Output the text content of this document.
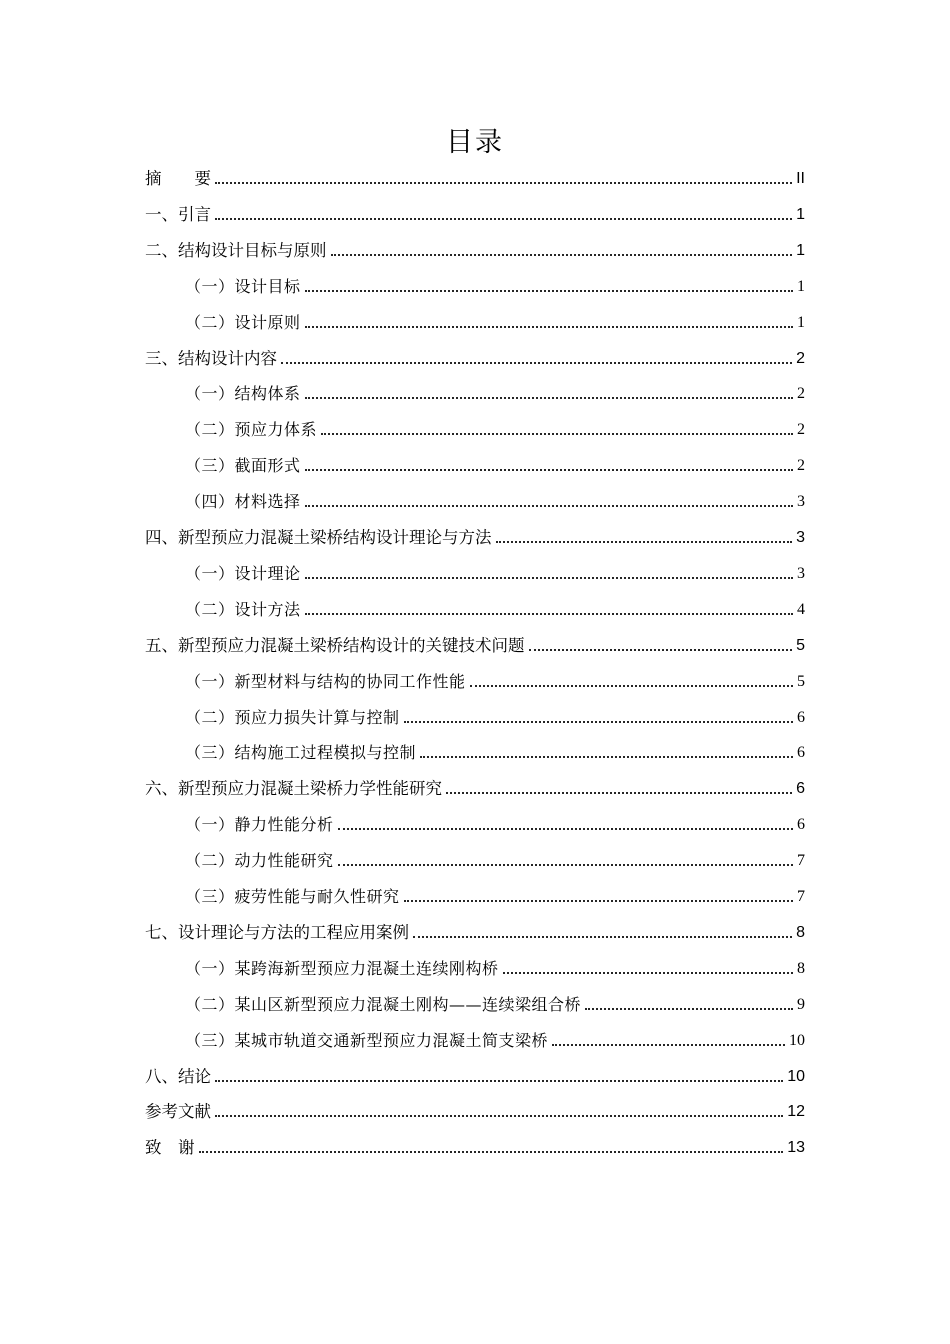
目录
摘　　要	II
一、引言	1
二、结构设计目标与原则	1
（一）设计目标	1
（二）设计原则	1
三、结构设计内容	2
（一）结构体系	2
（二）预应力体系	2
（三）截面形式	2
（四）材料选择	3
四、新型预应力混凝土梁桥结构设计理论与方法	3
（一）设计理论	3
（二）设计方法	4
五、新型预应力混凝土梁桥结构设计的关键技术问题	5
（一）新型材料与结构的协同工作性能	5
（二）预应力损失计算与控制	6
（三）结构施工过程模拟与控制	6
六、新型预应力混凝土梁桥力学性能研究	6
（一）静力性能分析	6
（二）动力性能研究	7
（三）疲劳性能与耐久性研究	7
七、设计理论与方法的工程应用案例	8
（一）某跨海新型预应力混凝土连续刚构桥	8
（二）某山区新型预应力混凝土刚构——连续梁组合桥	9
（三）某城市轨道交通新型预应力混凝土简支梁桥	10
八、结论	10
参考文献	12
致　谢	13
